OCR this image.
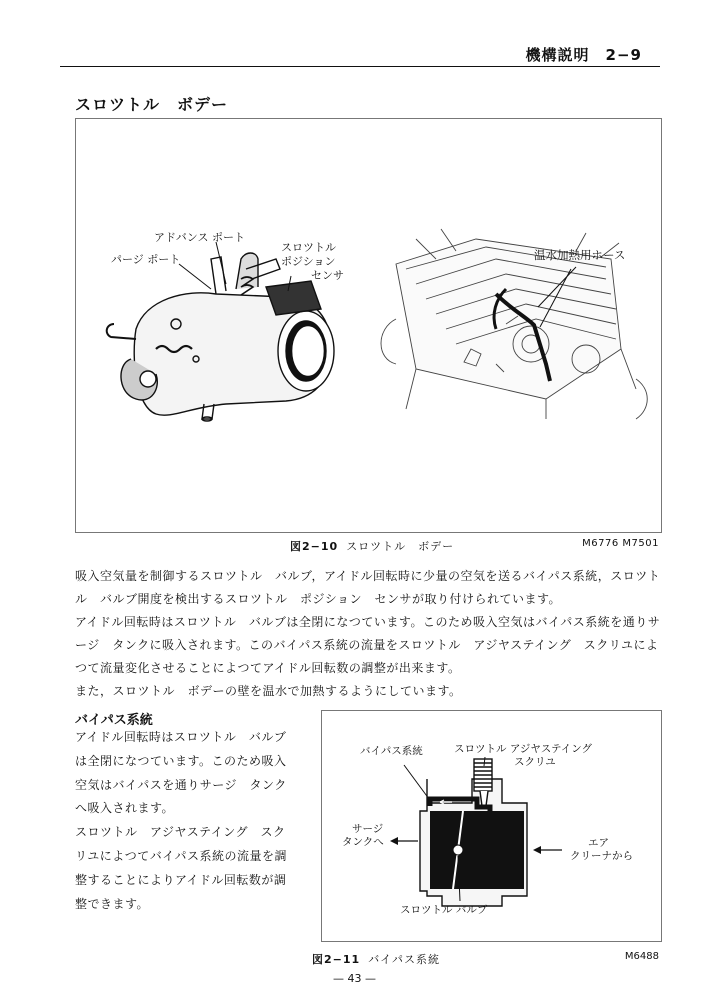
機構説明　2−9
スロツトル　ボデー
アドバンス ポート
パージ ポート
スロツトル
ポジション
センサ
温水加熱用ホース
図2−10 スロツトル　ボデー	M6776 M7501
吸入空気量を制御するスロツトル　バルブ，アイドル回転時に少量の空気を送るバイパス系統，スロツト
ル　バルブ開度を検出するスロツトル　ポジション　センサが取り付けられています。
アイドル回転時はスロツトル　バルブは全閉になつています。このため吸入空気はバイパス系統を通りサ
ージ　タンクに吸入されます。このバイパス系統の流量をスロツトル　アジヤステイング　スクリユによ
つて流量変化させることによつてアイドル回転数の調整が出来ます。
また，スロツトル　ボデーの壁を温水で加熱するようにしています。
バイパス系統
アイドル回転時はスロツトル　バルブ
は全閉になつています。このため吸入
空気はバイパスを通りサージ　タンク
へ吸入されます。
スロツトル　アジヤステイング　スク
リユによつてバイパス系統の流量を調
整することによりアイドル回転数が調
整できます。
バイパス系統	スロツトル アジヤステイング
スクリユ
サージ
タンクへ	エア
クリーナから
スロツトル バルブ
図2−11 バイパス系統	M6488
— 43 —
